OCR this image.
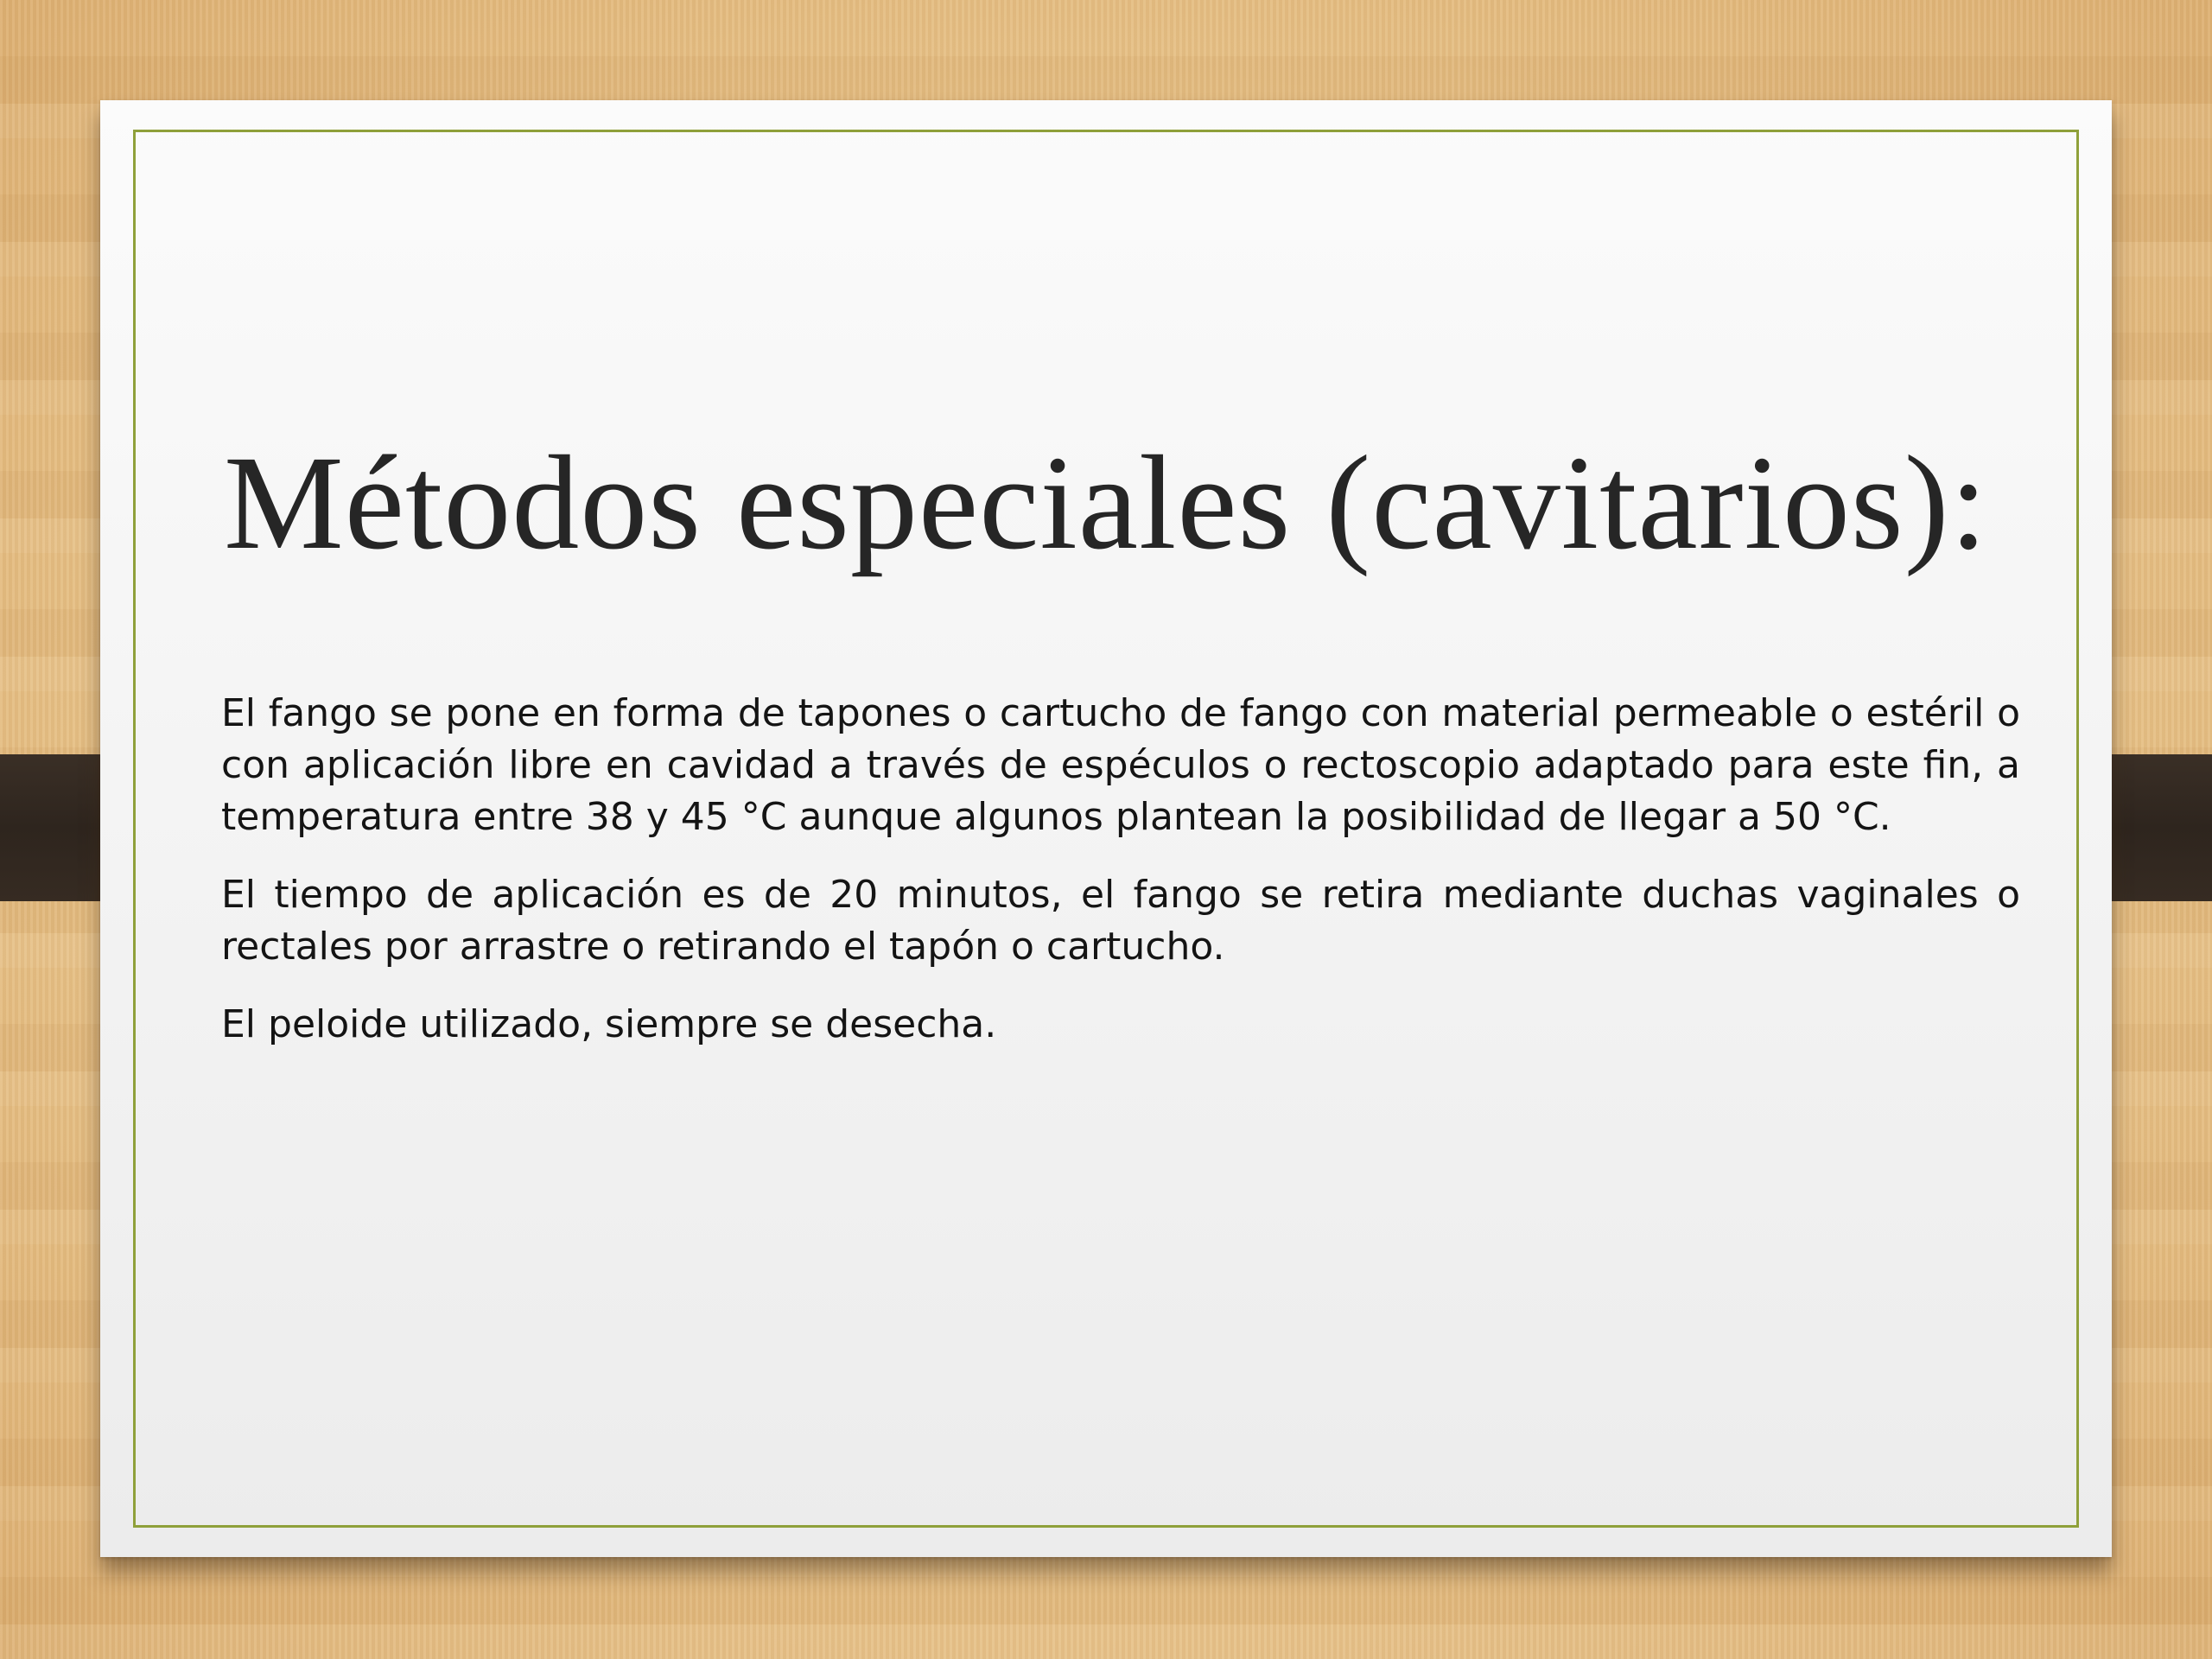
Métodos especiales (cavitarios):

El fango se pone en forma de tapones o cartucho de fango con material permeable o estéril o con aplicación libre en cavidad a través de espéculos o rectoscopio adaptado para este fin, a temperatura entre 38 y 45 °C aunque algunos plantean la posibilidad de llegar a 50 °C.

El tiempo de aplicación es de 20 minutos, el fango se retira mediante duchas vaginales o rectales por arrastre o retirando el tapón o cartucho.

El peloide utilizado, siempre se desecha.
